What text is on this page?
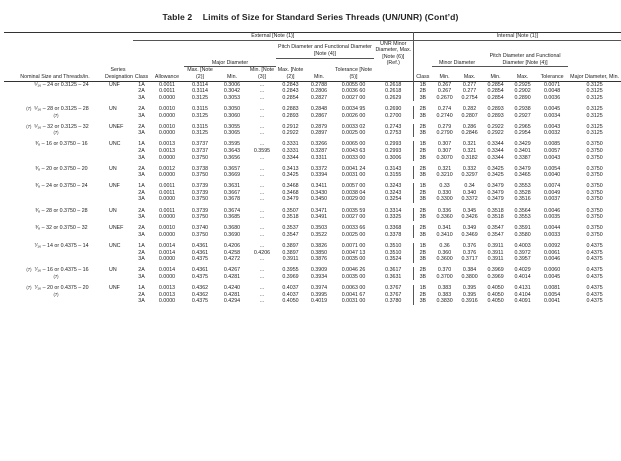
Table 2 Limits of Size for Standard Series Threads (UN/UNR) (Cont’d)
Nominal Size and Threads/in.
Series Designation		External [Note (1)]									Internal [Note (1)]						
							Pitch Diameter and Functional Diameter [Note (4)]			UNR Minor Diameter, Max. [Note (6)] (Ref.)				Pitch Diameter and Functional Diameter [Note (4)]			
				Major Diameter								Minor Diameter					
		Class	Allowance	Max. [Note (2)]	Min.	Min. [Note (3)]	Max. [Note (2)]	Min.	Tolerance [Note (5)]		Class	Min.	Max.	Min.	Max.	Tolerance	Major Diameter, Min.
⁵⁄₁₆ – 24 or 0.3125 – 24	UNF	1A	0.0011	0.3114	0.3006	...	0.2843	0.2788	0.0055 00	0.2618	1B	0.267	0.277	0.2854	0.2925	0.0071	0.3125
		2A	0.0011	0.3114	0.3042	...	0.2843	0.2806	0.0036 60	0.2618	2B	0.267	0.277	0.2854	0.2902	0.0048	0.3125
		3A	0.0000	0.3125	0.3053	...	0.2854	0.2827	0.0027 00	0.2629	3B	0.2670	0.2754	0.2854	0.2890	0.0036	0.3125

(7) ⁵⁄₁₆ – 28 or 0.3125 – 28	UN	2A	0.0010	0.3115	0.3050	...	0.2883	0.2848	0.0034 95	0.2690	2B	0.274	0.282	0.2893	0.2938	0.0045	0.3125
(7)		3A	0.0000	0.3125	0.3060	...	0.2893	0.2867	0.0026 00	0.2700	3B	0.2740	0.2807	0.2893	0.2927	0.0034	0.3125

(7) ⁵⁄₁₆ – 32 or 0.3125 – 32	UNEF	2A	0.0010	0.3115	0.3055	...	0.2912	0.2879	0.0033 02	0.2743	2B	0.279	0.286	0.2922	0.2965	0.0043	0.3125
(7)		3A	0.0000	0.3125	0.3065	...	0.2922	0.2897	0.0025 00	0.2753	3B	0.2790	0.2846	0.2922	0.2954	0.0032	0.3125

³⁄₈ – 16 or 0.3750 – 16	UNC	1A	0.0013	0.3737	0.3595	...	0.3331	0.3266	0.0065 00	0.2993	1B	0.307	0.321	0.3344	0.3429	0.0085	0.3750
		2A	0.0013	0.3737	0.3643	0.3595	0.3331	0.3287	0.0043 63	0.2993	2B	0.307	0.321	0.3344	0.3401	0.0057	0.3750
		3A	0.0000	0.3750	0.3656	...	0.3344	0.3311	0.0033 00	0.3006	3B	0.3070	0.3182	0.3344	0.3387	0.0043	0.3750

³⁄₈ – 20 or 0.3750 – 20	UN	2A	0.0012	0.3738	0.3657	...	0.3413	0.3372	0.0041 24	0.3143	2B	0.321	0.332	0.3425	0.3479	0.0054	0.3750
		3A	0.0000	0.3750	0.3669	...	0.3425	0.3394	0.0031 00	0.3155	3B	0.3210	0.3297	0.3425	0.3465	0.0040	0.3750

³⁄₈ – 24 or 0.3750 – 24	UNF	1A	0.0011	0.3739	0.3631	...	0.3468	0.3411	0.0057 00	0.3243	1B	0.33	0.34	0.3479	0.3553	0.0074	0.3750
		2A	0.0011	0.3739	0.3667	...	0.3468	0.3430	0.0038 04	0.3243	2B	0.330	0.340	0.3479	0.3528	0.0049	0.3750
		3A	0.0000	0.3750	0.3678	...	0.3479	0.3450	0.0029 00	0.3254	3B	0.3300	0.3372	0.3479	0.3516	0.0037	0.3750

³⁄₈ – 28 or 0.3750 – 28	UN	2A	0.0011	0.3739	0.3674	...	0.3507	0.3471	0.0035 59	0.3314	2B	0.336	0.345	0.3518	0.3564	0.0046	0.3750
		3A	0.0000	0.3750	0.3685	...	0.3518	0.3491	0.0027 00	0.3325	3B	0.3360	0.3426	0.3518	0.3553	0.0035	0.3750

³⁄₈ – 32 or 0.3750 – 32	UNEF	2A	0.0010	0.3740	0.3680	...	0.3537	0.3503	0.0033 66	0.3368	2B	0.341	0.349	0.3547	0.3591	0.0044	0.3750
		3A	0.0000	0.3750	0.3690	...	0.3547	0.3522	0.0025 00	0.3378	3B	0.3410	0.3469	0.3547	0.3580	0.0033	0.3750

⁷⁄₁₆ – 14 or 0.4375 – 14	UNC	1A	0.0014	0.4361	0.4206	...	0.3897	0.3826	0.0071 00	0.3510	1B	0.36	0.376	0.3911	0.4003	0.0092	0.4375
		2A	0.0014	0.4361	0.4258	0.4206	0.3897	0.3850	0.0047 13	0.3510	2B	0.360	0.376	0.3911	0.3972	0.0061	0.4375
		3A	0.0000	0.4375	0.4272	...	0.3911	0.3876	0.0035 00	0.3524	3B	0.3600	0.3717	0.3911	0.3957	0.0046	0.4375

(7) ⁷⁄₁₆ – 16 or 0.4375 – 16	UN	2A	0.0014	0.4361	0.4267	...	0.3955	0.3909	0.0046 26	0.3617	2B	0.370	0.384	0.3969	0.4029	0.0060	0.4375
(7)		3A	0.0000	0.4375	0.4281	...	0.3969	0.3934	0.0035 00	0.3631	3B	0.3700	0.3800	0.3969	0.4014	0.0045	0.4375

(7) ⁷⁄₁₆ – 20 or 0.4375 – 20	UNF	1A	0.0013	0.4362	0.4240	...	0.4037	0.3974	0.0063 00	0.3767	1B	0.383	0.395	0.4050	0.4131	0.0081	0.4375
(7)		2A	0.0013	0.4362	0.4281	...	0.4037	0.3995	0.0041 67	0.3767	2B	0.383	0.395	0.4050	0.4104	0.0054	0.4375
		3A	0.0000	0.4375	0.4294	...	0.4050	0.4019	0.0031 00	0.3780	3B	0.3830	0.3916	0.4050	0.4091	0.0041	0.4375
